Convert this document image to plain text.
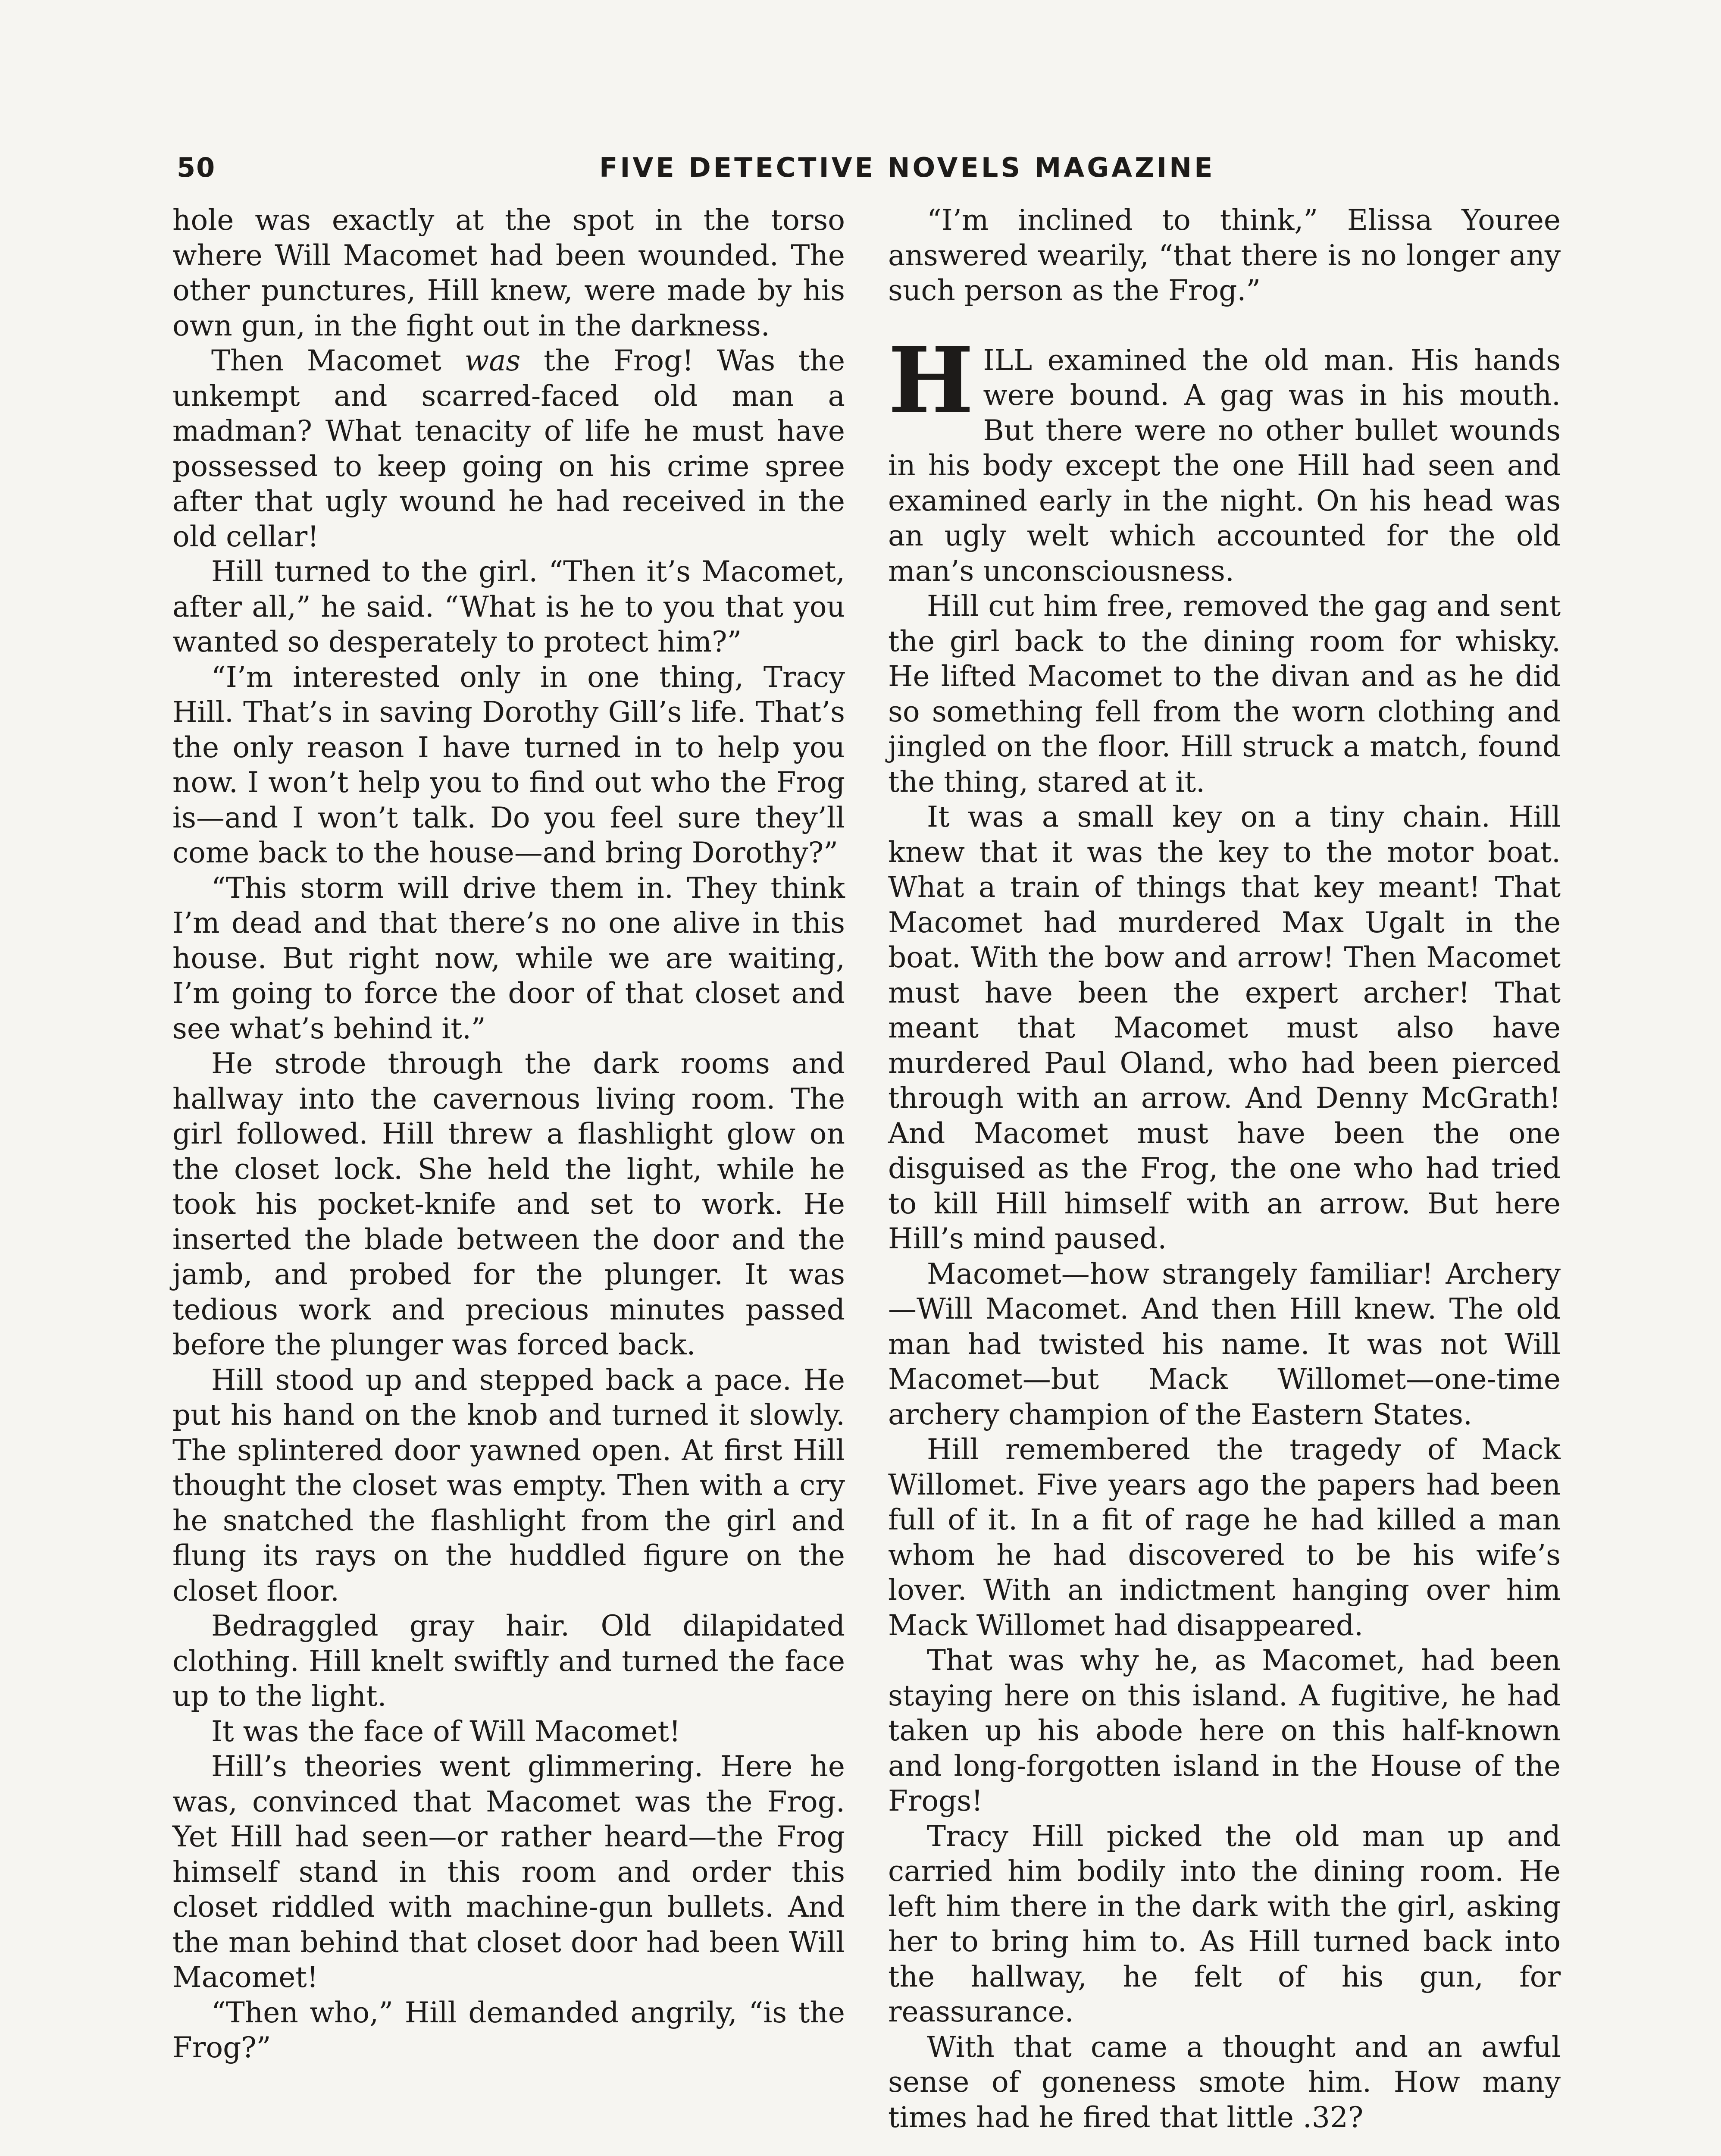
50	FIVE DETECTIVE NOVELS MAGAZINE

hole was exactly at the spot in the torso where Will Macomet had been wounded. The other punctures, Hill knew, were made by his own gun, in the fight out in the darkness.

Then Macomet was the Frog! Was the unkempt and scarred-faced old man a madman? What tenacity of life he must have possessed to keep going on his crime spree after that ugly wound he had received in the old cellar!

Hill turned to the girl. “Then it’s Macomet, after all,” he said. “What is he to you that you wanted so desperately to protect him?”

“I’m interested only in one thing, Tracy Hill. That’s in saving Dorothy Gill’s life. That’s the only reason I have turned in to help you now. I won’t help you to find out who the Frog is—and I won’t talk. Do you feel sure they’ll come back to the house—and bring Dorothy?”

“This storm will drive them in. They think I’m dead and that there’s no one alive in this house. But right now, while we are waiting, I’m going to force the door of that closet and see what’s behind it.”

He strode through the dark rooms and hallway into the cavernous living room. The girl followed. Hill threw a flashlight glow on the closet lock. She held the light, while he took his pocket-knife and set to work. He inserted the blade between the door and the jamb, and probed for the plunger. It was tedious work and precious minutes passed before the plunger was forced back.

Hill stood up and stepped back a pace. He put his hand on the knob and turned it slowly. The splintered door yawned open. At first Hill thought the closet was empty. Then with a cry he snatched the flashlight from the girl and flung its rays on the huddled figure on the closet floor.

Bedraggled gray hair. Old dilapidated clothing. Hill knelt swiftly and turned the face up to the light.

It was the face of Will Macomet!

Hill’s theories went glimmering. Here he was, convinced that Macomet was the Frog. Yet Hill had seen—or rather heard—the Frog himself stand in this room and order this closet riddled with machine-gun bullets. And the man behind that closet door had been Will Macomet!

“Then who,” Hill demanded angrily, “is the Frog?”

“I’m inclined to think,” Elissa Youree answered wearily, “that there is no longer any such person as the Frog.”

HILL examined the old man. His hands were bound. A gag was in his mouth. But there were no other bullet wounds in his body except the one Hill had seen and examined early in the night. On his head was an ugly welt which accounted for the old man’s unconsciousness.

Hill cut him free, removed the gag and sent the girl back to the dining room for whisky. He lifted Macomet to the divan and as he did so something fell from the worn clothing and jingled on the floor. Hill struck a match, found the thing, stared at it.

It was a small key on a tiny chain. Hill knew that it was the key to the motor boat. What a train of things that key meant! That Macomet had murdered Max Ugalt in the boat. With the bow and arrow! Then Macomet must have been the expert archer! That meant that Macomet must also have murdered Paul Oland, who had been pierced through with an arrow. And Denny McGrath! And Macomet must have been the one disguised as the Frog, the one who had tried to kill Hill himself with an arrow. But here Hill’s mind paused.

Macomet—how strangely familiar! Archery—Will Macomet. And then Hill knew. The old man had twisted his name. It was not Will Macomet—but Mack Willomet—one-time archery champion of the Eastern States.

Hill remembered the tragedy of Mack Willomet. Five years ago the papers had been full of it. In a fit of rage he had killed a man whom he had discovered to be his wife’s lover. With an indictment hanging over him Mack Willomet had disappeared.

That was why he, as Macomet, had been staying here on this island. A fugitive, he had taken up his abode here on this half-known and long-forgotten island in the House of the Frogs!

Tracy Hill picked the old man up and carried him bodily into the dining room. He left him there in the dark with the girl, asking her to bring him to. As Hill turned back into the hallway, he felt of his gun, for reassurance.

With that came a thought and an awful sense of goneness smote him. How many times had he fired that little .32?
